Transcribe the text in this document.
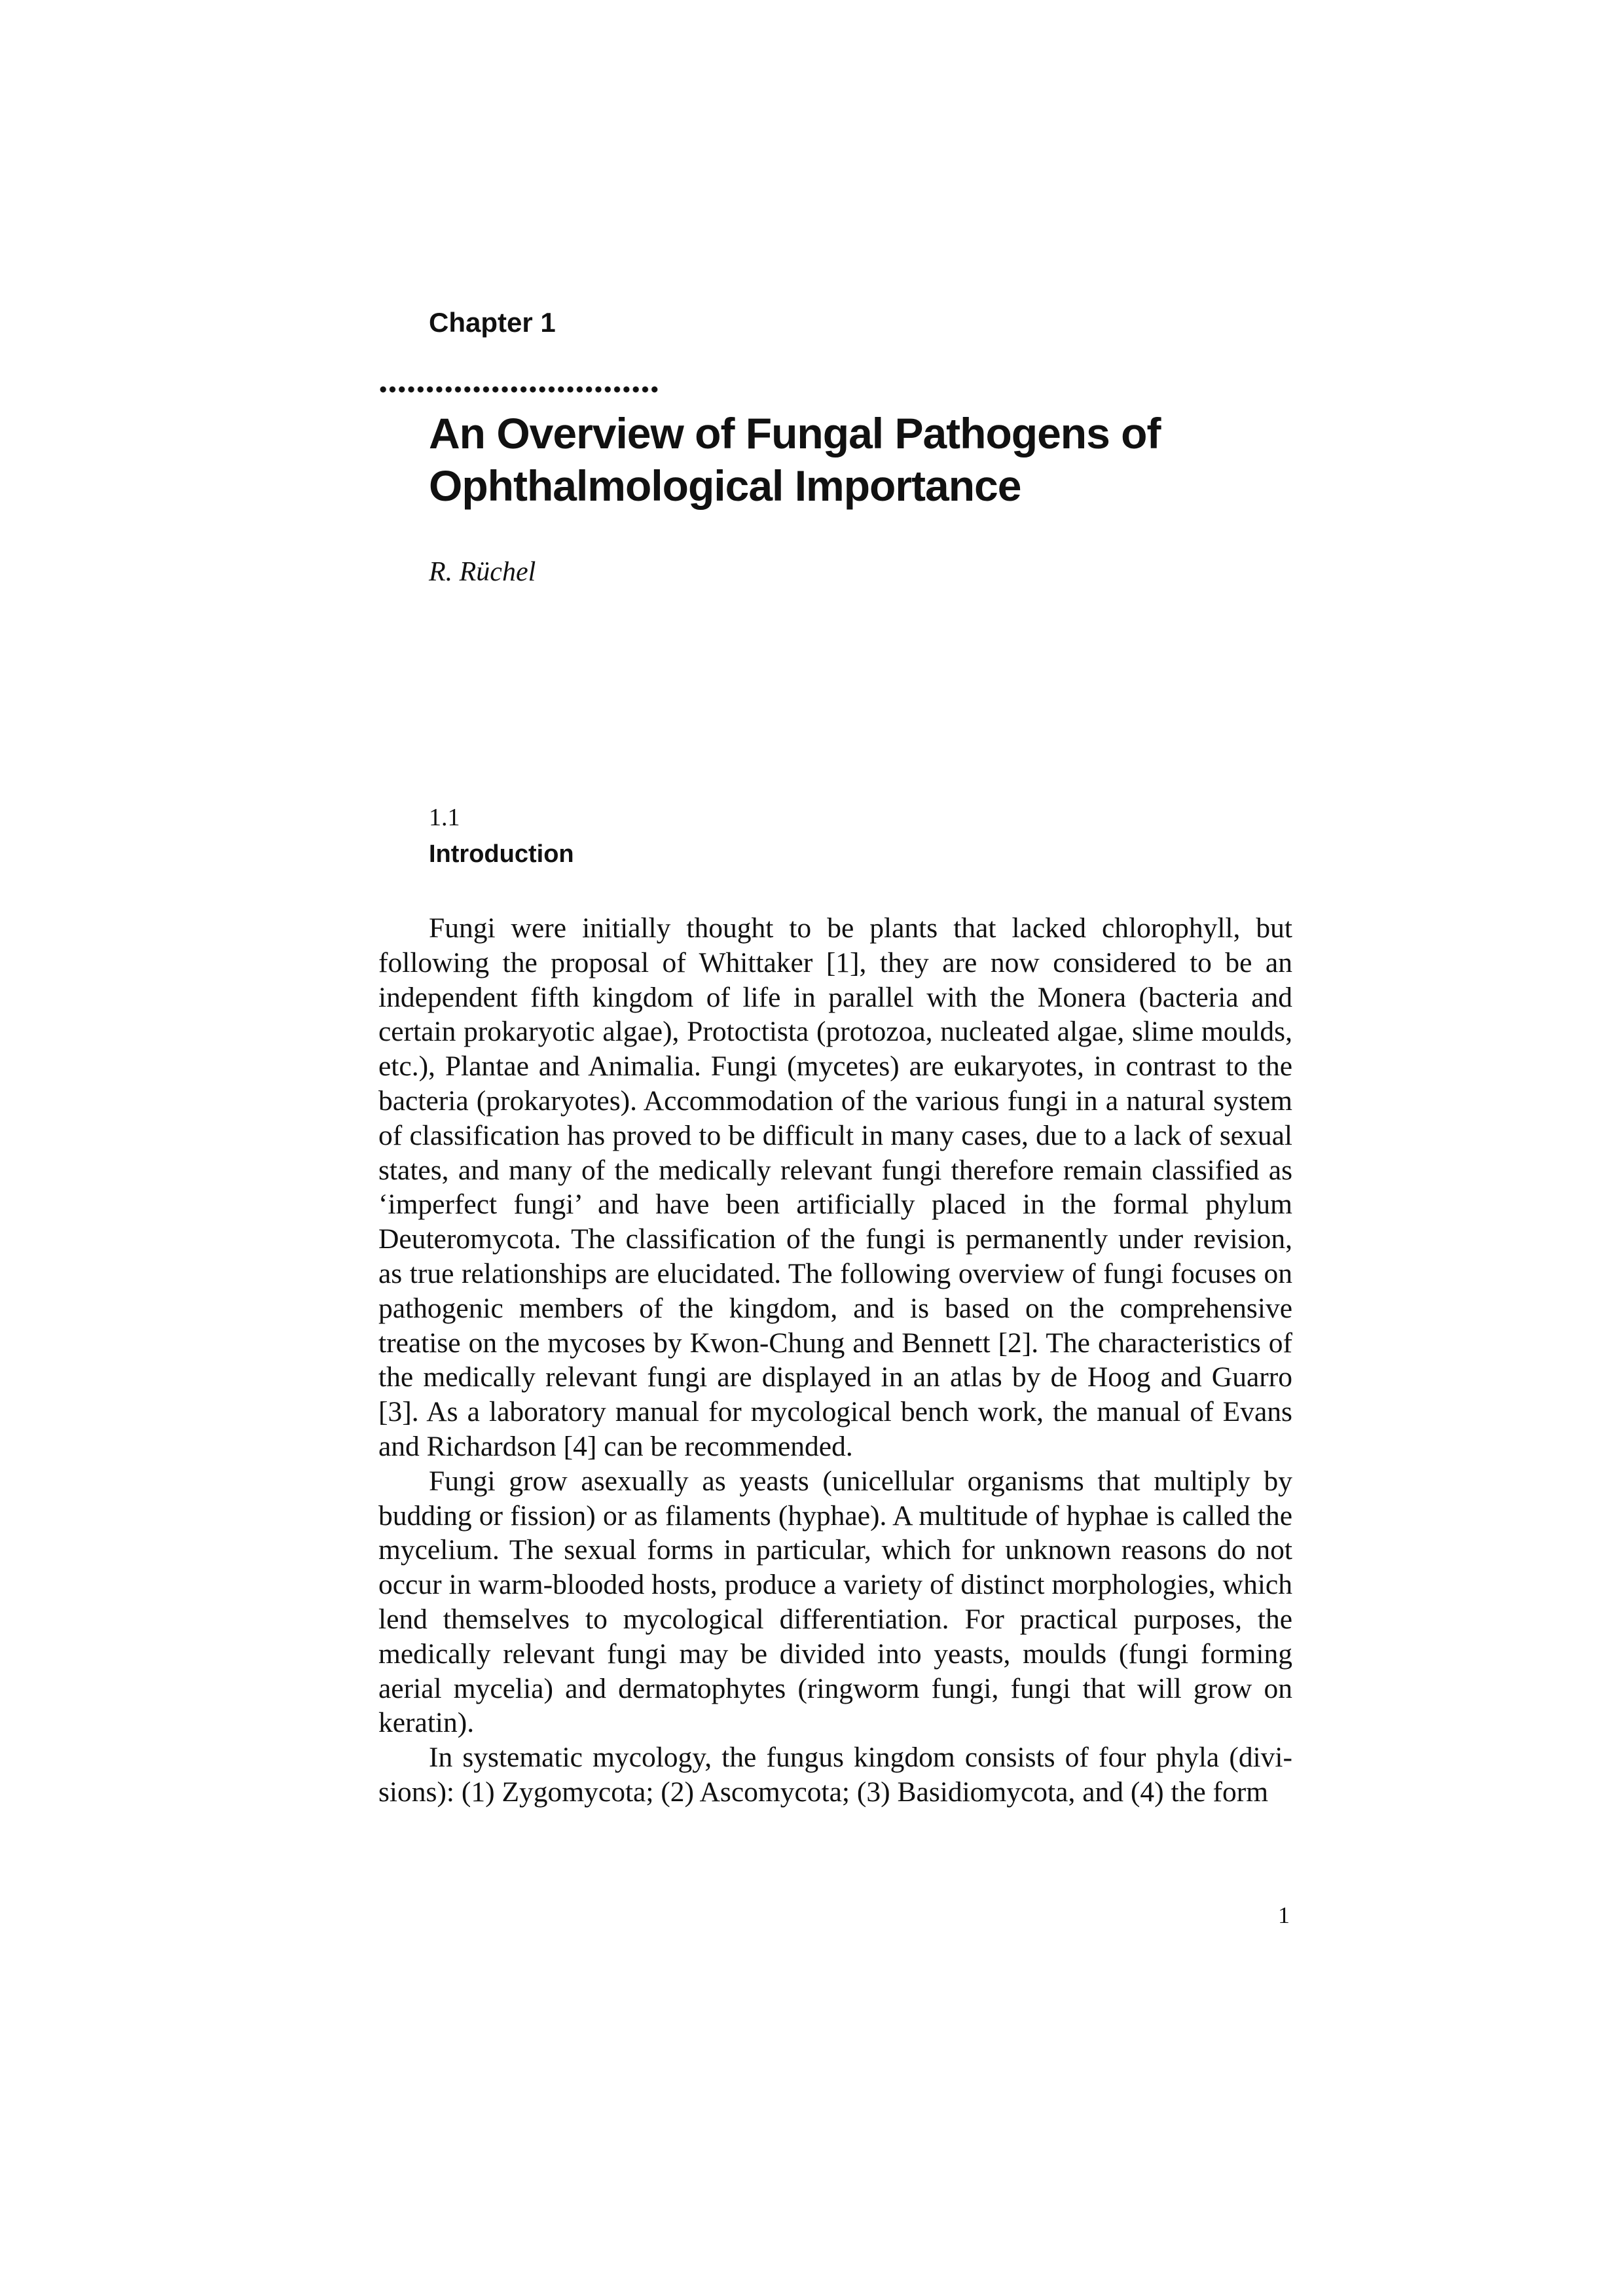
Chapter 1
An Overview of Fungal Pathogens of
Ophthalmological Importance

R. Rüchel

1.1

Introduction

Fungi were initially thought to be plants that lacked chlorophyll, but following the proposal of Whittaker [1], they are now considered to be an independent fifth kingdom of life in parallel with the Monera (bacteria and certain prokaryotic algae), Protoctista (protozoa, nucleated algae, slime moulds, etc.), Plantae and Animalia. Fungi (mycetes) are eukaryotes, in contrast to the bacteria (prokaryotes). Accommodation of the various fungi in a natural system of classification has proved to be difficult in many cases, due to a lack of sexual states, and many of the medically relevant fungi therefore remain classified as ‘imperfect fungi’ and have been artificially placed in the formal phylum Deuteromycota. The classification of the fungi is permanently under revision, as true relationships are elucidated. The following overview of fungi focuses on pathogenic members of the kingdom, and is based on the comprehensive treatise on the mycoses by Kwon-Chung and Bennett [2]. The characteristics of the medically relevant fungi are displayed in an atlas by de Hoog and Guarro [3]. As a laboratory manual for mycological bench work, the manual of Evans and Richardson [4] can be recommended.

Fungi grow asexually as yeasts (unicellular organisms that multiply by budding or fission) or as filaments (hyphae). A multitude of hyphae is called the mycelium. The sexual forms in particular, which for unknown reasons do not occur in warm-blooded hosts, produce a variety of distinct morphologies, which lend themselves to mycological differentiation. For practical purposes, the medically relevant fungi may be divided into yeasts, moulds (fungi forming aerial mycelia) and dermatophytes (ringworm fungi, fungi that will grow on keratin).

In systematic mycology, the fungus kingdom consists of four phyla (divisions): (1) Zygomycota; (2) Ascomycota; (3) Basidiomycota, and (4) the form

1
